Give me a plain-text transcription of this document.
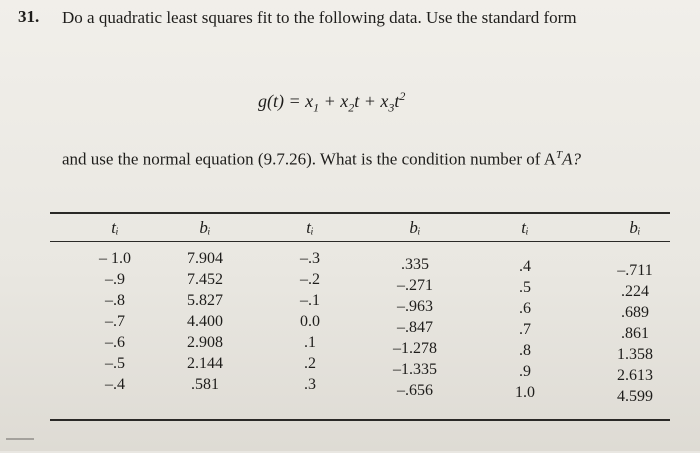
31. Do a quadratic least squares fit to the following data. Use the standard form
$g(t) = x_1 + x_2t + x_3t^2$
and use the normal equation (9.7.26). What is the condition number of $A^TA$?
tᵢ
– 1.0
–.9
–.8
–.7
–.6
–.5
–.4
bᵢ
7.904
7.452
5.827
4.400
2.908
2.144
.581
tᵢ
–.3
–.2
–.1
0.0
.1
.2
.3
bᵢ
.335
–.271
–.963
–.847
–1.278
–1.335
–.656
tᵢ
.4
.5
.6
.7
.8
.9
1.0
bᵢ
–.711
.224
.689
.861
1.358
2.613
4.599
